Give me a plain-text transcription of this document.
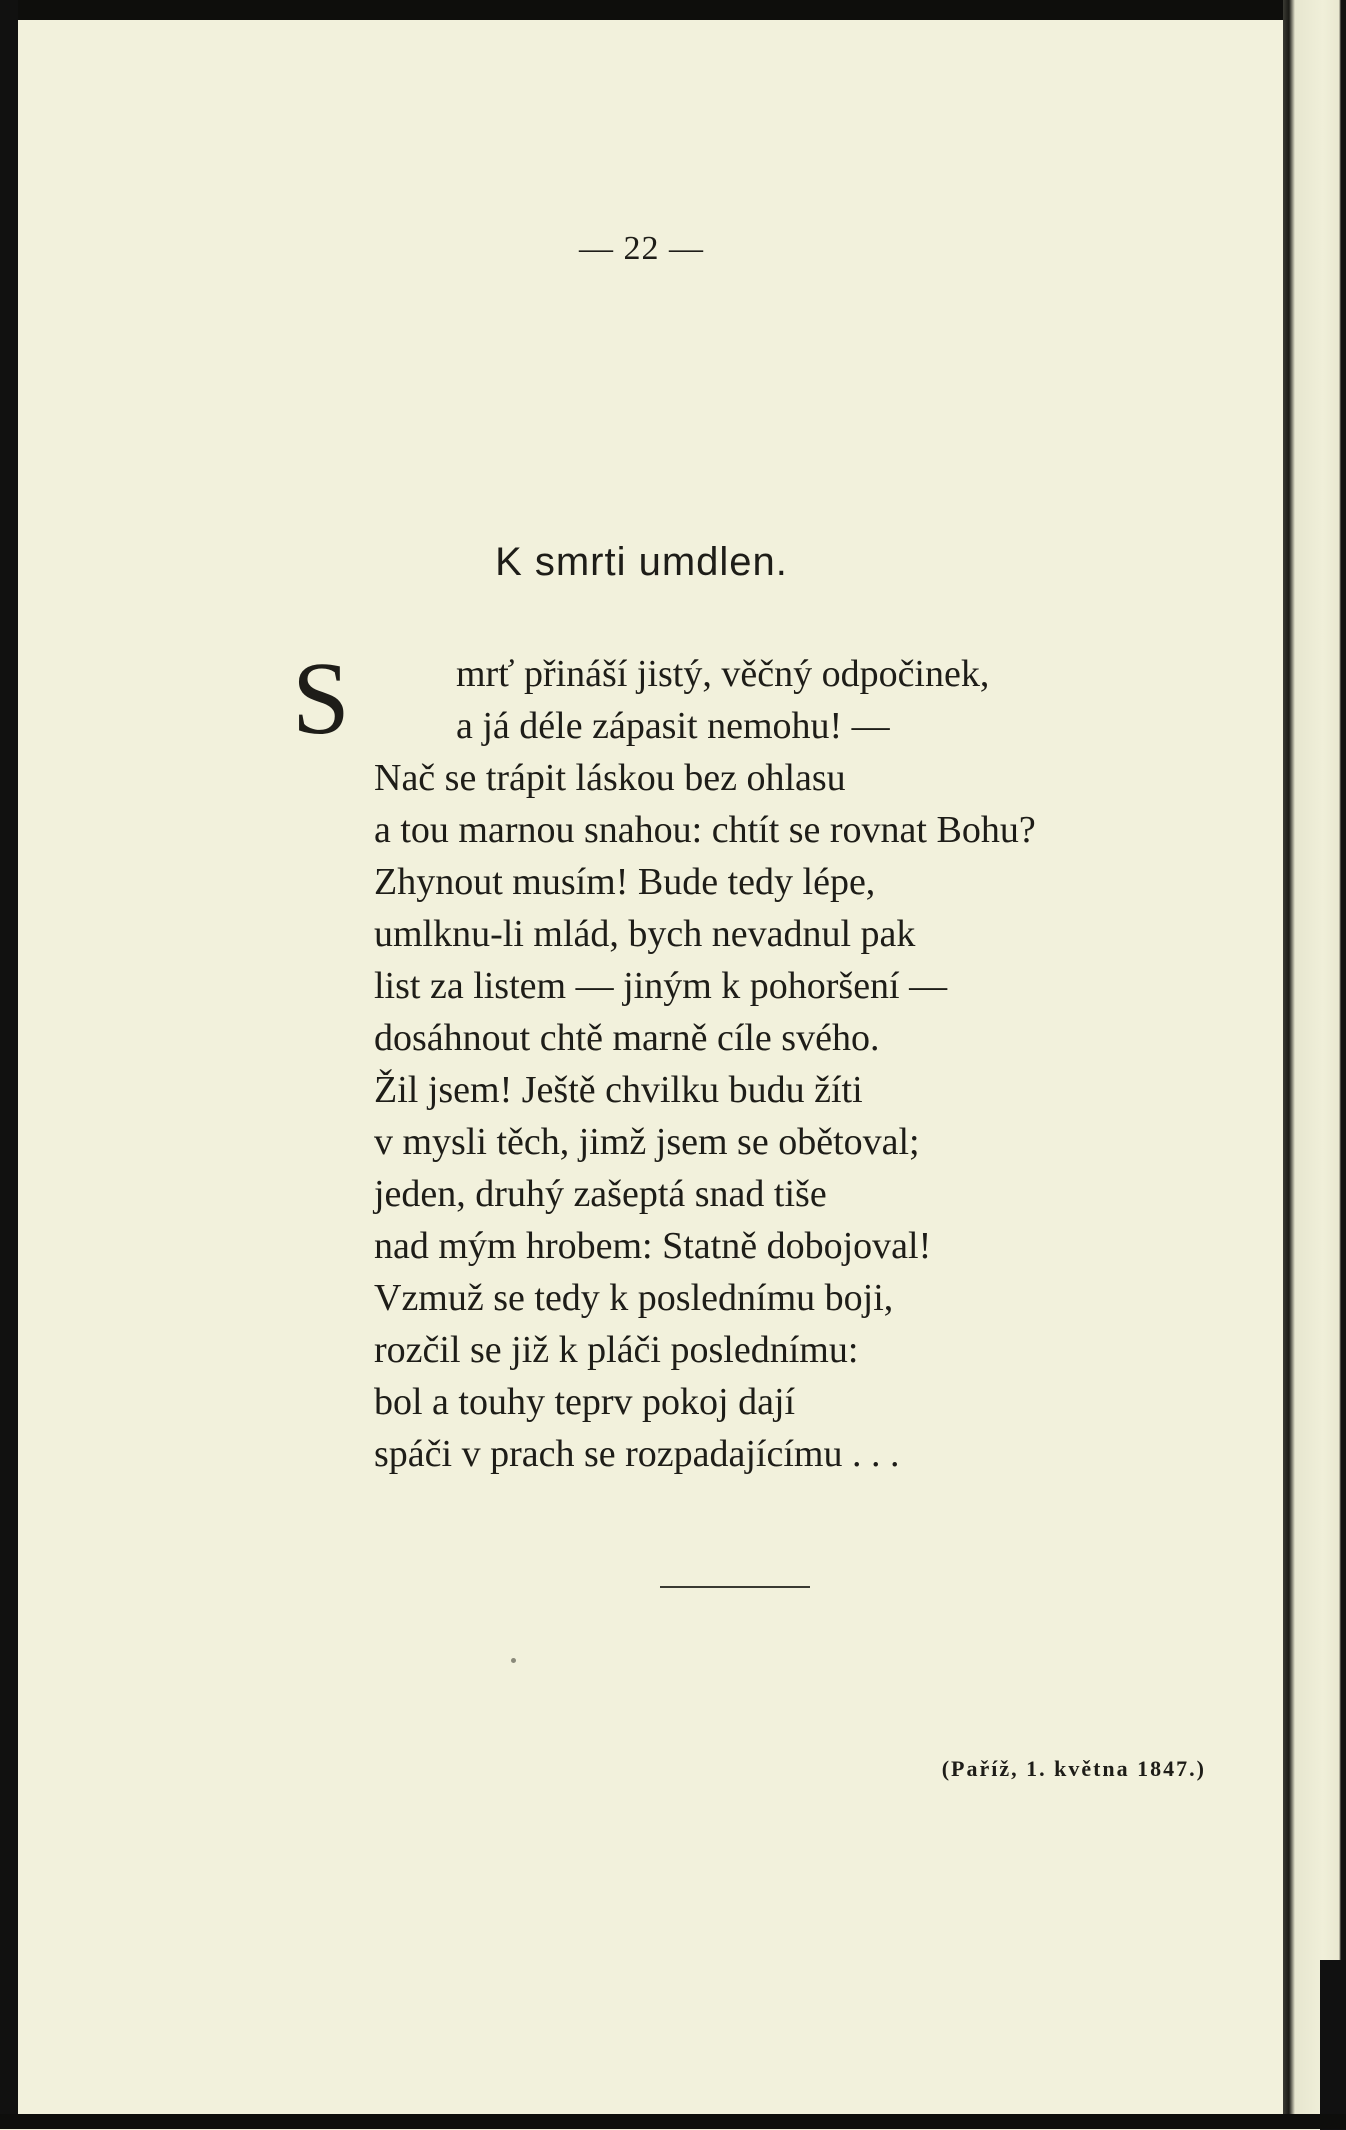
— 22 —
K smrti umdlen.
S	mrť přináší jistý, věčný odpočinek,
a já déle zápasit nemohu! —
Nač se trápit láskou bez ohlasu
a tou marnou snahou: chtít se rovnat Bohu?
Zhynout musím! Bude tedy lépe,
umlknu-li mlád, bych nevadnul pak
list za listem — jiným k pohoršení —
dosáhnout chtě marně cíle svého.
Žil jsem! Ještě chvilku budu žíti
v mysli těch, jimž jsem se obětoval;
jeden, druhý zašeptá snad tiše
nad mým hrobem: Statně dobojoval!
Vzmuž se tedy k poslednímu boji,
rozčil se již k pláči poslednímu:
bol a touhy teprv pokoj dají
spáči v prach se rozpadajícímu . . .
(Paříž, 1. května 1847.)
